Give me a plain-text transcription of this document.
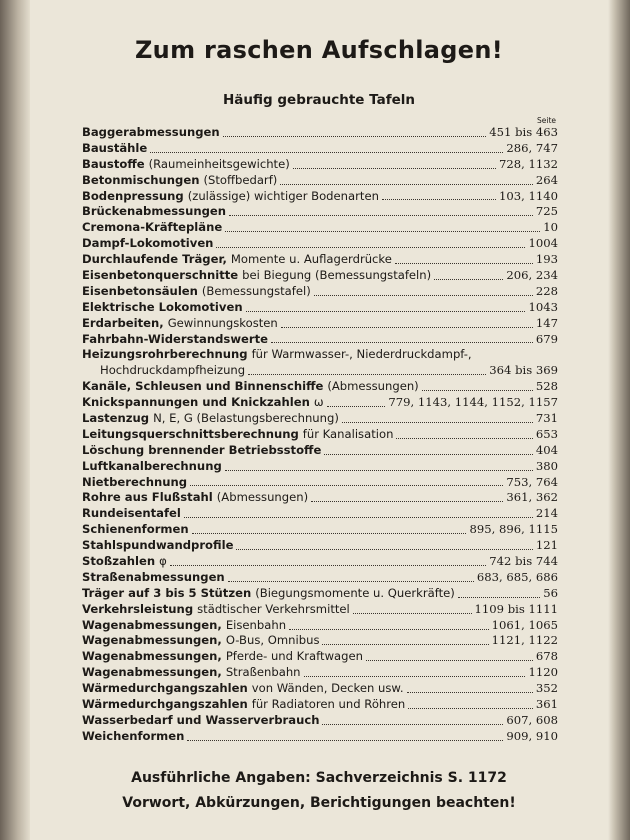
Zum raschen Aufschlagen!
Häufig gebrauchte Tafeln
Seite
Baggerabmessungen	451 bis 463
Baustähle	286, 747
Baustoffe (Raumeinheitsgewichte)	728, 1132
Betonmischungen (Stoffbedarf)	264
Bodenpressung (zulässige) wichtiger Bodenarten	103, 1140
Brückenabmessungen	725
Cremona-Kräftepläne	10
Dampf-Lokomotiven	1004
Durchlaufende Träger, Momente u. Auflagerdrücke	193
Eisenbetonquerschnitte bei Biegung (Bemessungstafeln)	206, 234
Eisenbetonsäulen (Bemessungstafel)	228
Elektrische Lokomotiven	1043
Erdarbeiten, Gewinnungskosten	147
Fahrbahn-Widerstandswerte	679
Heizungsrohrberechnung für Warmwasser-, Niederdruckdampf-,
Hochdruckdampfheizung	364 bis 369
Kanäle, Schleusen und Binnenschiffe (Abmessungen)	528
Knickspannungen und Knickzahlen ω	779, 1143, 1144, 1152, 1157
Lastenzug N, E, G (Belastungsberechnung)	731
Leitungsquerschnittsberechnung für Kanalisation	653
Löschung brennender Betriebsstoffe	404
Luftkanalberechnung	380
Nietberechnung	753, 764
Rohre aus Flußstahl (Abmessungen)	361, 362
Rundeisentafel	214
Schienenformen	895, 896, 1115
Stahlspundwandprofile	121
Stoßzahlen φ	742 bis 744
Straßenabmessungen	683, 685, 686
Träger auf 3 bis 5 Stützen (Biegungsmomente u. Querkräfte)	56
Verkehrsleistung städtischer Verkehrsmittel	1109 bis 1111
Wagenabmessungen, Eisenbahn	1061, 1065
Wagenabmessungen, O-Bus, Omnibus	1121, 1122
Wagenabmessungen, Pferde- und Kraftwagen	678
Wagenabmessungen, Straßenbahn	1120
Wärmedurchgangszahlen von Wänden, Decken usw.	352
Wärmedurchgangszahlen für Radiatoren und Röhren	361
Wasserbedarf und Wasserverbrauch	607, 608
Weichenformen	909, 910
Ausführliche Angaben: Sachverzeichnis S. 1172
Vorwort, Abkürzungen, Berichtigungen beachten!
